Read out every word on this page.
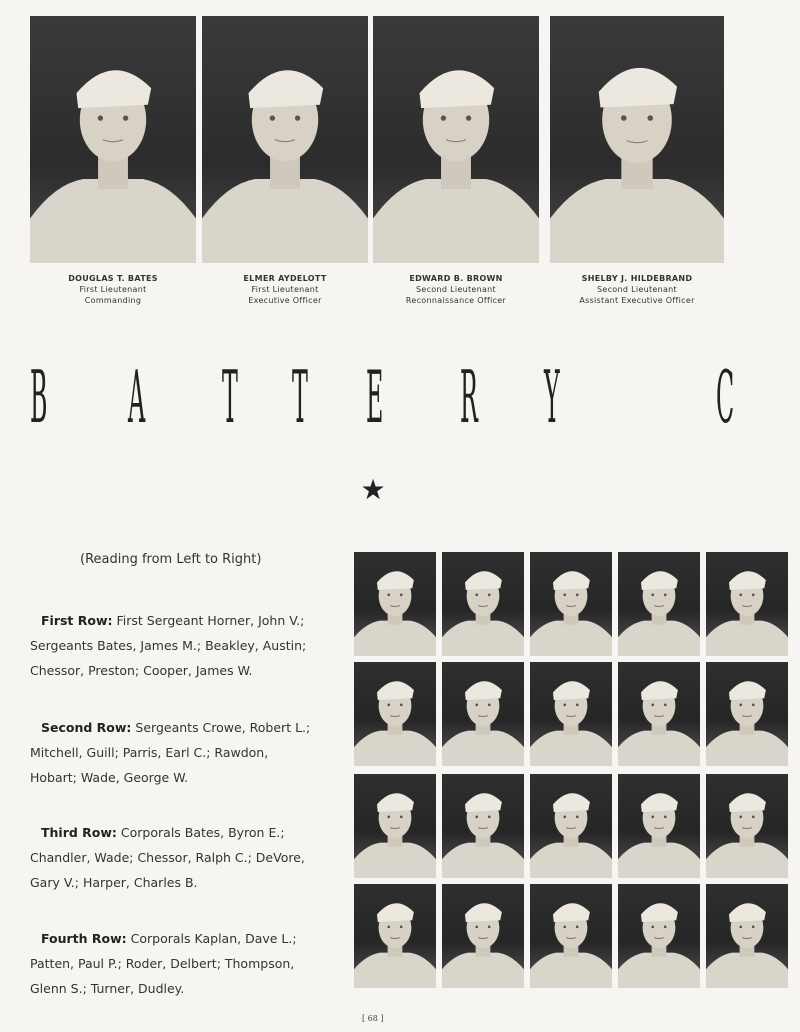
DOUGLAS T. BATES
First Lieutenant
Commanding
ELMER AYDELOTT
First Lieutenant
Executive Officer
EDWARD B. BROWN
Second Lieutenant
Reconnaissance Officer
SHELBY J. HILDEBRAND
Second Lieutenant
Assistant Executive Officer
B A T T E R Y C
★
(Reading from Left to Right)
First Row: First Sergeant Horner, John V.; Sergeants Bates, James M.; Beakley, Austin; Chessor, Preston; Cooper, James W.
Second Row: Sergeants Crowe, Robert L.; Mitchell, Guill; Parris, Earl C.; Rawdon, Hobart; Wade, George W.
Third Row: Corporals Bates, Byron E.; Chandler, Wade; Chessor, Ralph C.; DeVore, Gary V.; Harper, Charles B.
Fourth Row: Corporals Kaplan, Dave L.; Patten, Paul P.; Roder, Delbert; Thompson, Glenn S.; Turner, Dudley.
[ 68 ]
